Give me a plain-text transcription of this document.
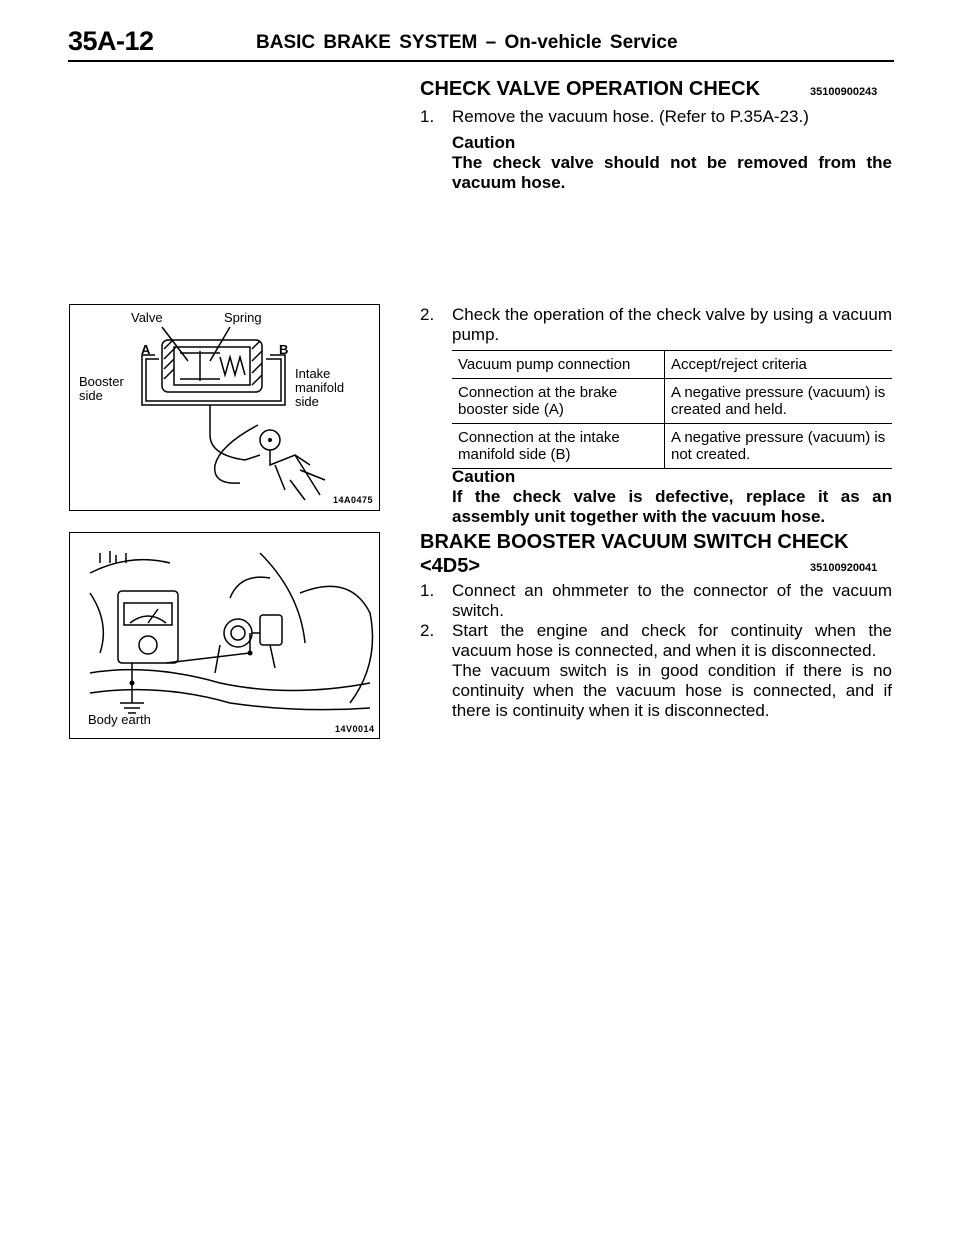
35A-12	BASIC BRAKE SYSTEM – On-vehicle Service
CHECK VALVE OPERATION CHECK	35100900243
1. Remove the vacuum hose. (Refer to P.35A-23.)
Caution
The check valve should not be removed from the vacuum hose.
2. Check the operation of the check valve by using a vacuum pump.
Vacuum pump connection	Accept/reject criteria
Connection at the brake booster side (A)	A negative pressure (vacuum) is created and held.
Connection at the intake manifold side (B)	A negative pressure (vacuum) is not created.
Caution
If the check valve is defective, replace it as an assembly unit together with the vacuum hose.
BRAKE BOOSTER VACUUM SWITCH CHECK
<4D5>	35100920041
1. Connect an ohmmeter to the connector of the vacuum switch.
2. Start the engine and check for continuity when the vacuum hose is connected, and when it is disconnected.
The vacuum switch is in good condition if there is no continuity when the vacuum hose is connected, and if there is continuity when it is disconnected.
Valve	Spring
A	B
Booster
side
Intake
manifold
side
14A0475
Body earth
14V0014
